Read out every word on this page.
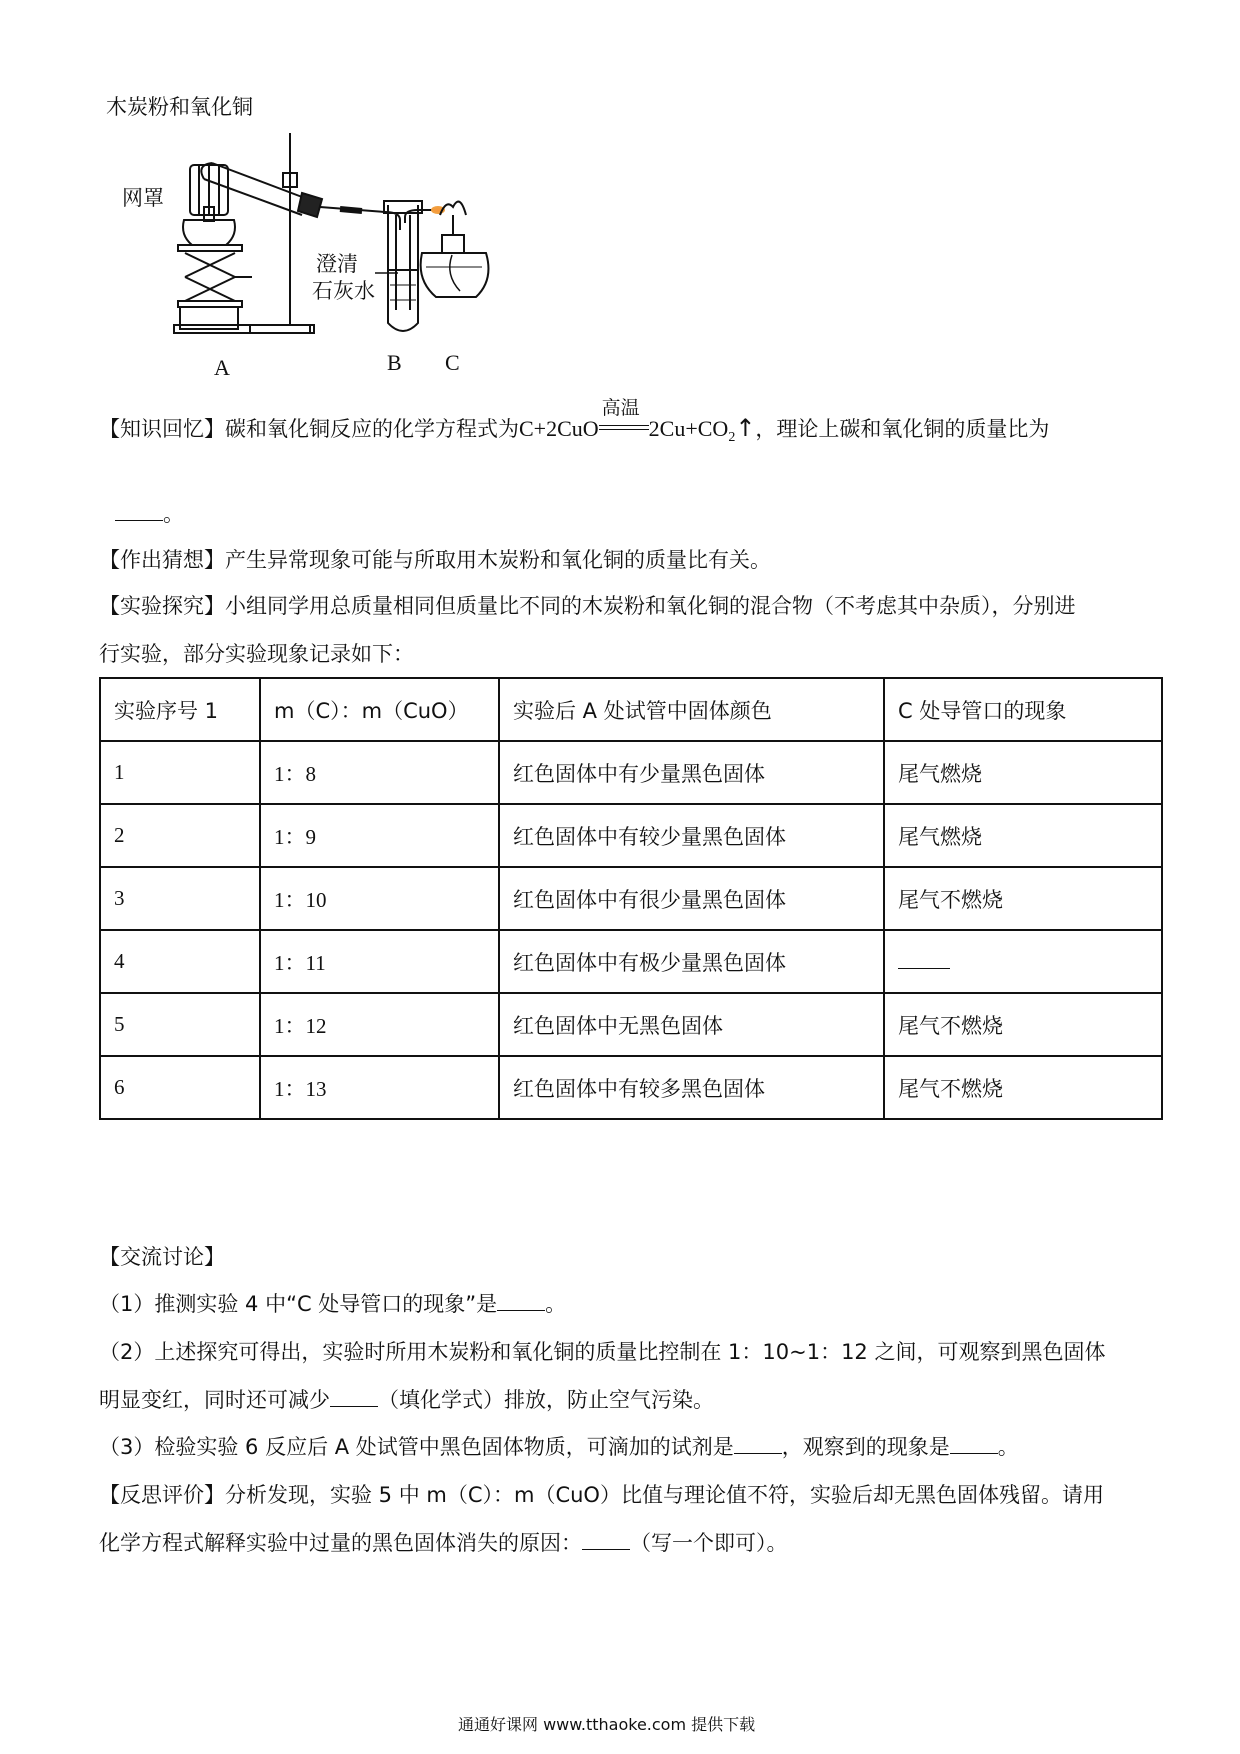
木炭粉和氧化铜
网罩
澄清
石灰水
A	B C
【知识回忆】碳和氧化铜反应的化学方程式为C+2CuO
高温
$2Cu+CO_2↑$，理论上碳和氧化铜的质量比为
。
【作出猜想】产生异常现象可能与所取用木炭粉和氧化铜的质量比有关。
【实验探究】小组同学用总质量相同但质量比不同的木炭粉和氧化铜的混合物（不考虑其中杂质），分别进
行实验，部分实验现象记录如下：
实验序号 1	m（C）：m（CuO）	实验后 A 处试管中固体颜色	C 处导管口的现象
1	1：8	红色固体中有少量黑色固体	尾气燃烧
2	1：9	红色固体中有较少量黑色固体	尾气燃烧
3	1：10	红色固体中有很少量黑色固体	尾气不燃烧
4	1：11	红色固体中有极少量黑色固体	
5	1：12	红色固体中无黑色固体	尾气不燃烧
6	1：13	红色固体中有较多黑色固体	尾气不燃烧
【交流讨论】
（1）推测实验 4 中“C 处导管口的现象”是 。
（2）上述探究可得出，实验时所用木炭粉和氧化铜的质量比控制在 1：10~1：12 之间，可观察到黑色固体
明显变红，同时还可减少 （填化学式）排放，防止空气污染。
（3）检验实验 6 反应后 A 处试管中黑色固体物质，可滴加的试剂是 ，观察到的现象是 。
【反思评价】分析发现，实验 5 中 m（C）：m（CuO）比值与理论值不符，实验后却无黑色固体残留。请用
化学方程式解释实验中过量的黑色固体消失的原因： （写一个即可）。
通通好课网 www.tthaoke.com 提供下载
